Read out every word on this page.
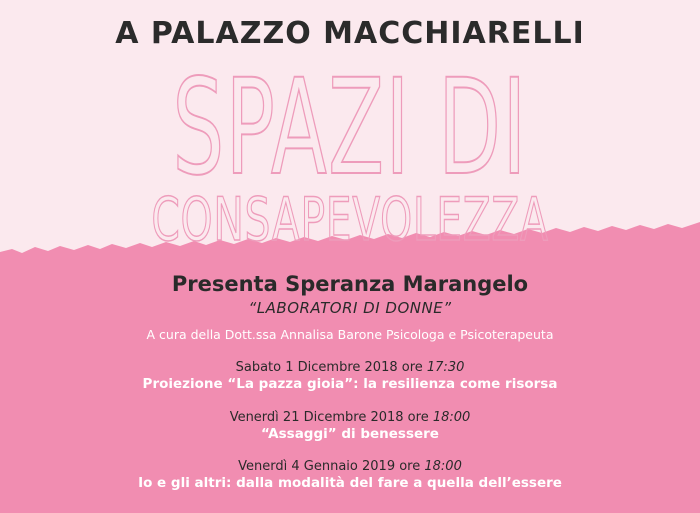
A PALAZZO MACCHIARELLI
SPAZI DI
CONSAPEVOLEZZA
Presenta Speranza Marangelo
“LABORATORI DI DONNE”
A cura della Dott.ssa Annalisa Barone Psicologa e Psicoterapeuta
Sabato 1 Dicembre 2018 ore 17:30
Proiezione “La pazza gioia”: la resilienza come risorsa
Venerdì 21 Dicembre 2018 ore 18:00
“Assaggi” di benessere
Venerdì 4 Gennaio 2019 ore 18:00
Io e gli altri: dalla modalità del fare a quella dell’essere
